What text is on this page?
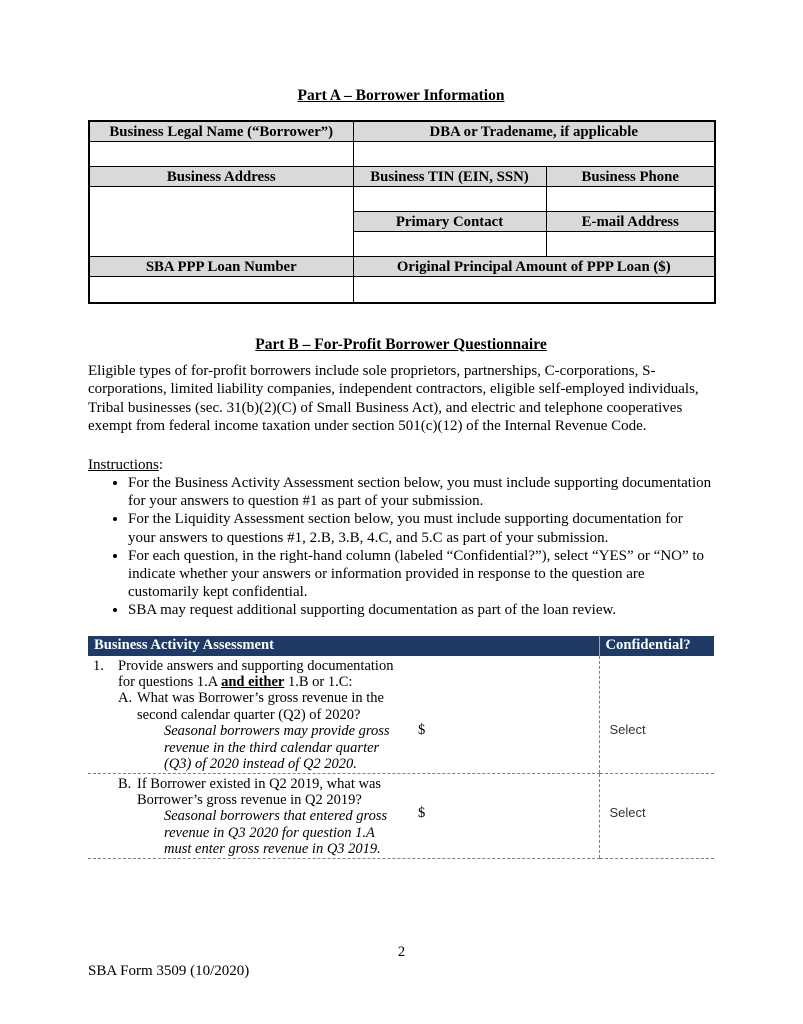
Part A – Borrower Information
Business Legal Name (“Borrower”)	DBA or Tradename, if applicable	

Business Address	Business TIN (EIN, SSN)	Business Phone

	Primary Contact	E-mail Address

SBA PPP Loan Number	Original Principal Amount of PPP Loan ($)	

Part B – For-Profit Borrower Questionnaire

Eligible types of for-profit borrowers include sole proprietors, partnerships, C-corporations, S-corporations, limited liability companies, independent contractors, eligible self-employed individuals, Tribal businesses (sec. 31(b)(2)(C) of Small Business Act), and electric and telephone cooperatives exempt from federal income taxation under section 501(c)(12) of the Internal Revenue Code.

Instructions:
• For the Business Activity Assessment section below, you must include supporting documentation for your answers to question #1 as part of your submission.
• For the Liquidity Assessment section below, you must include supporting documentation for your answers to questions #1, 2.B, 3.B, 4.C, and 5.C as part of your submission.
• For each question, in the right-hand column (labeled “Confidential?”), select “YES” or “NO” to indicate whether your answers or information provided in response to the question are customarily kept confidential.
• SBA may request additional supporting documentation as part of the loan review.
Business Activity Assessment	Confidential?

1. Provide answers and supporting documentation
for questions 1.A and either 1.B or 1.C:
A. What was Borrower’s gross revenue in the
second calendar quarter (Q2) of 2020?
Seasonal borrowers may provide gross
revenue in the third calendar quarter
(Q3) of 2020 instead of Q2 2020.
$	Select

B. If Borrower existed in Q2 2019, what was
Borrower’s gross revenue in Q2 2019?
Seasonal borrowers that entered gross
revenue in Q3 2020 for question 1.A
must enter gross revenue in Q3 2019.
$	Select
2
SBA Form 3509 (10/2020)
